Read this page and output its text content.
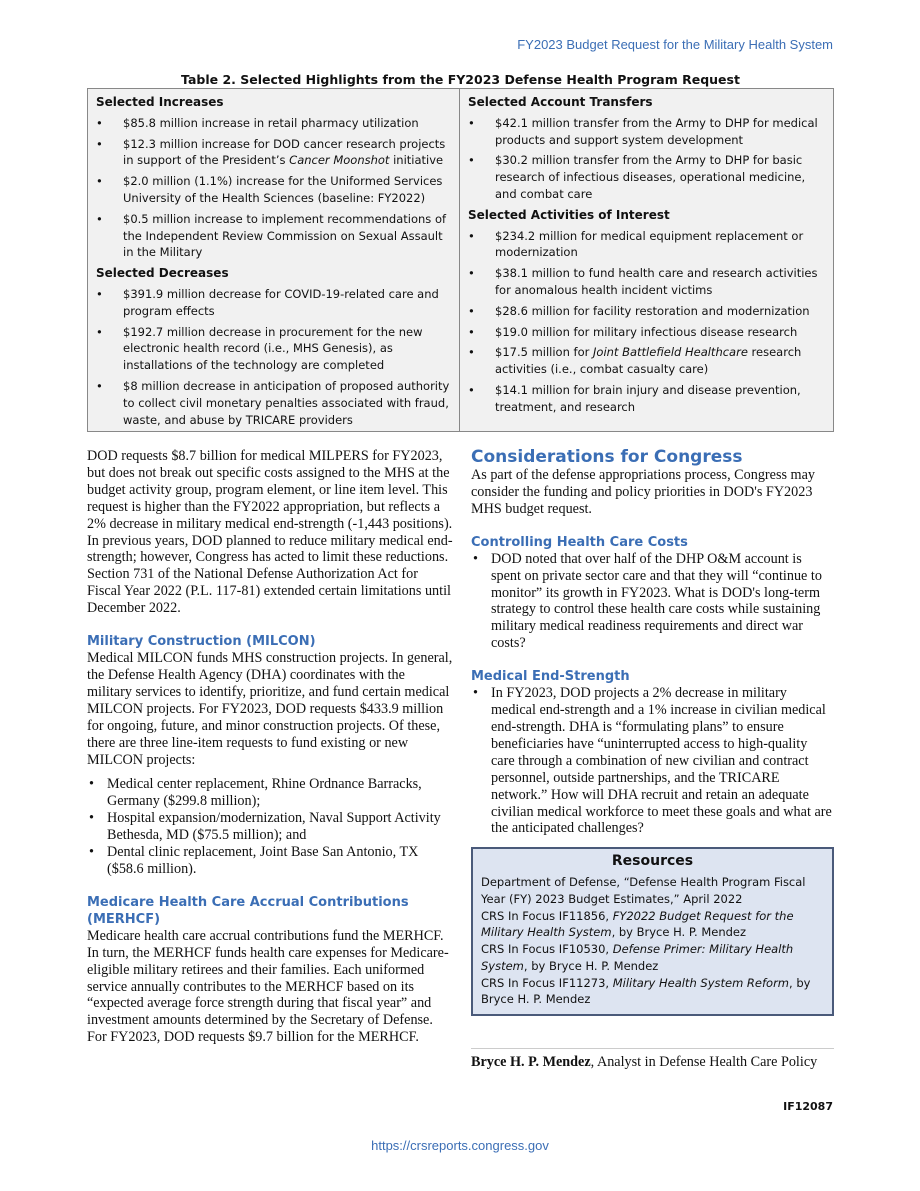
FY2023 Budget Request for the Military Health System
Table 2. Selected Highlights from the FY2023 Defense Health Program Request
Selected Increases
• $85.8 million increase in retail pharmacy utilization
• $12.3 million increase for DOD cancer research projects in support of the President’s Cancer Moonshot initiative
• $2.0 million (1.1%) increase for the Uniformed Services University of the Health Sciences (baseline: FY2022)
• $0.5 million increase to implement recommendations of the Independent Review Commission on Sexual Assault in the Military
Selected Decreases
• $391.9 million decrease for COVID-19-related care and program effects
• $192.7 million decrease in procurement for the new electronic health record (i.e., MHS Genesis), as installations of the technology are completed
• $8 million decrease in anticipation of proposed authority to collect civil monetary penalties associated with fraud, waste, and abuse by TRICARE providers
Selected Account Transfers
• $42.1 million transfer from the Army to DHP for medical products and support system development
• $30.2 million transfer from the Army to DHP for basic research of infectious diseases, operational medicine, and combat care
Selected Activities of Interest
• $234.2 million for medical equipment replacement or modernization
• $38.1 million to fund health care and research activities for anomalous health incident victims
• $28.6 million for facility restoration and modernization
• $19.0 million for military infectious disease research
• $17.5 million for Joint Battlefield Healthcare research activities (i.e., combat casualty care)
• $14.1 million for brain injury and disease prevention, treatment, and research
DOD requests $8.7 billion for medical MILPERS for FY2023, but does not break out specific costs assigned to the MHS at the budget activity group, program element, or line item level. This request is higher than the FY2022 appropriation, but reflects a 2% decrease in military medical end-strength (-1,443 positions). In previous years, DOD planned to reduce military medical end-strength; however, Congress has acted to limit these reductions. Section 731 of the National Defense Authorization Act for Fiscal Year 2022 (P.L. 117-81) extended certain limitations until December 2022.
Military Construction (MILCON)
Medical MILCON funds MHS construction projects. In general, the Defense Health Agency (DHA) coordinates with the military services to identify, prioritize, and fund certain medical MILCON projects. For FY2023, DOD requests $433.9 million for ongoing, future, and minor construction projects. Of these, there are three line-item requests to fund existing or new MILCON projects:
• Medical center replacement, Rhine Ordnance Barracks, Germany ($299.8 million);
• Hospital expansion/modernization, Naval Support Activity Bethesda, MD ($75.5 million); and
• Dental clinic replacement, Joint Base San Antonio, TX ($58.6 million).
Medicare Health Care Accrual Contributions (MERHCF)
Medicare health care accrual contributions fund the MERHCF. In turn, the MERHCF funds health care expenses for Medicare-eligible military retirees and their families. Each uniformed service annually contributes to the MERHCF based on its “expected average force strength during that fiscal year” and investment amounts determined by the Secretary of Defense. For FY2023, DOD requests $9.7 billion for the MERHCF.
Considerations for Congress
As part of the defense appropriations process, Congress may consider the funding and policy priorities in DOD's FY2023 MHS budget request.
Controlling Health Care Costs
• DOD noted that over half of the DHP O&M account is spent on private sector care and that they will “continue to monitor” its growth in FY2023. What is DOD's long-term strategy to control these health care costs while sustaining military medical readiness requirements and direct war costs?
Medical End-Strength
• In FY2023, DOD projects a 2% decrease in military medical end-strength and a 1% increase in civilian medical end-strength. DHA is “formulating plans” to ensure beneficiaries have “uninterrupted access to high-quality care through a combination of new civilian and contract personnel, outside partnerships, and the TRICARE network.” How will DHA recruit and retain an adequate civilian medical workforce to meet these goals and what are the anticipated challenges?
Resources
Department of Defense, “Defense Health Program Fiscal Year (FY) 2023 Budget Estimates,” April 2022
CRS In Focus IF11856, FY2022 Budget Request for the Military Health System, by Bryce H. P. Mendez
CRS In Focus IF10530, Defense Primer: Military Health System, by Bryce H. P. Mendez
CRS In Focus IF11273, Military Health System Reform, by Bryce H. P. Mendez
Bryce H. P. Mendez, Analyst in Defense Health Care Policy
IF12087
https://crsreports.congress.gov
